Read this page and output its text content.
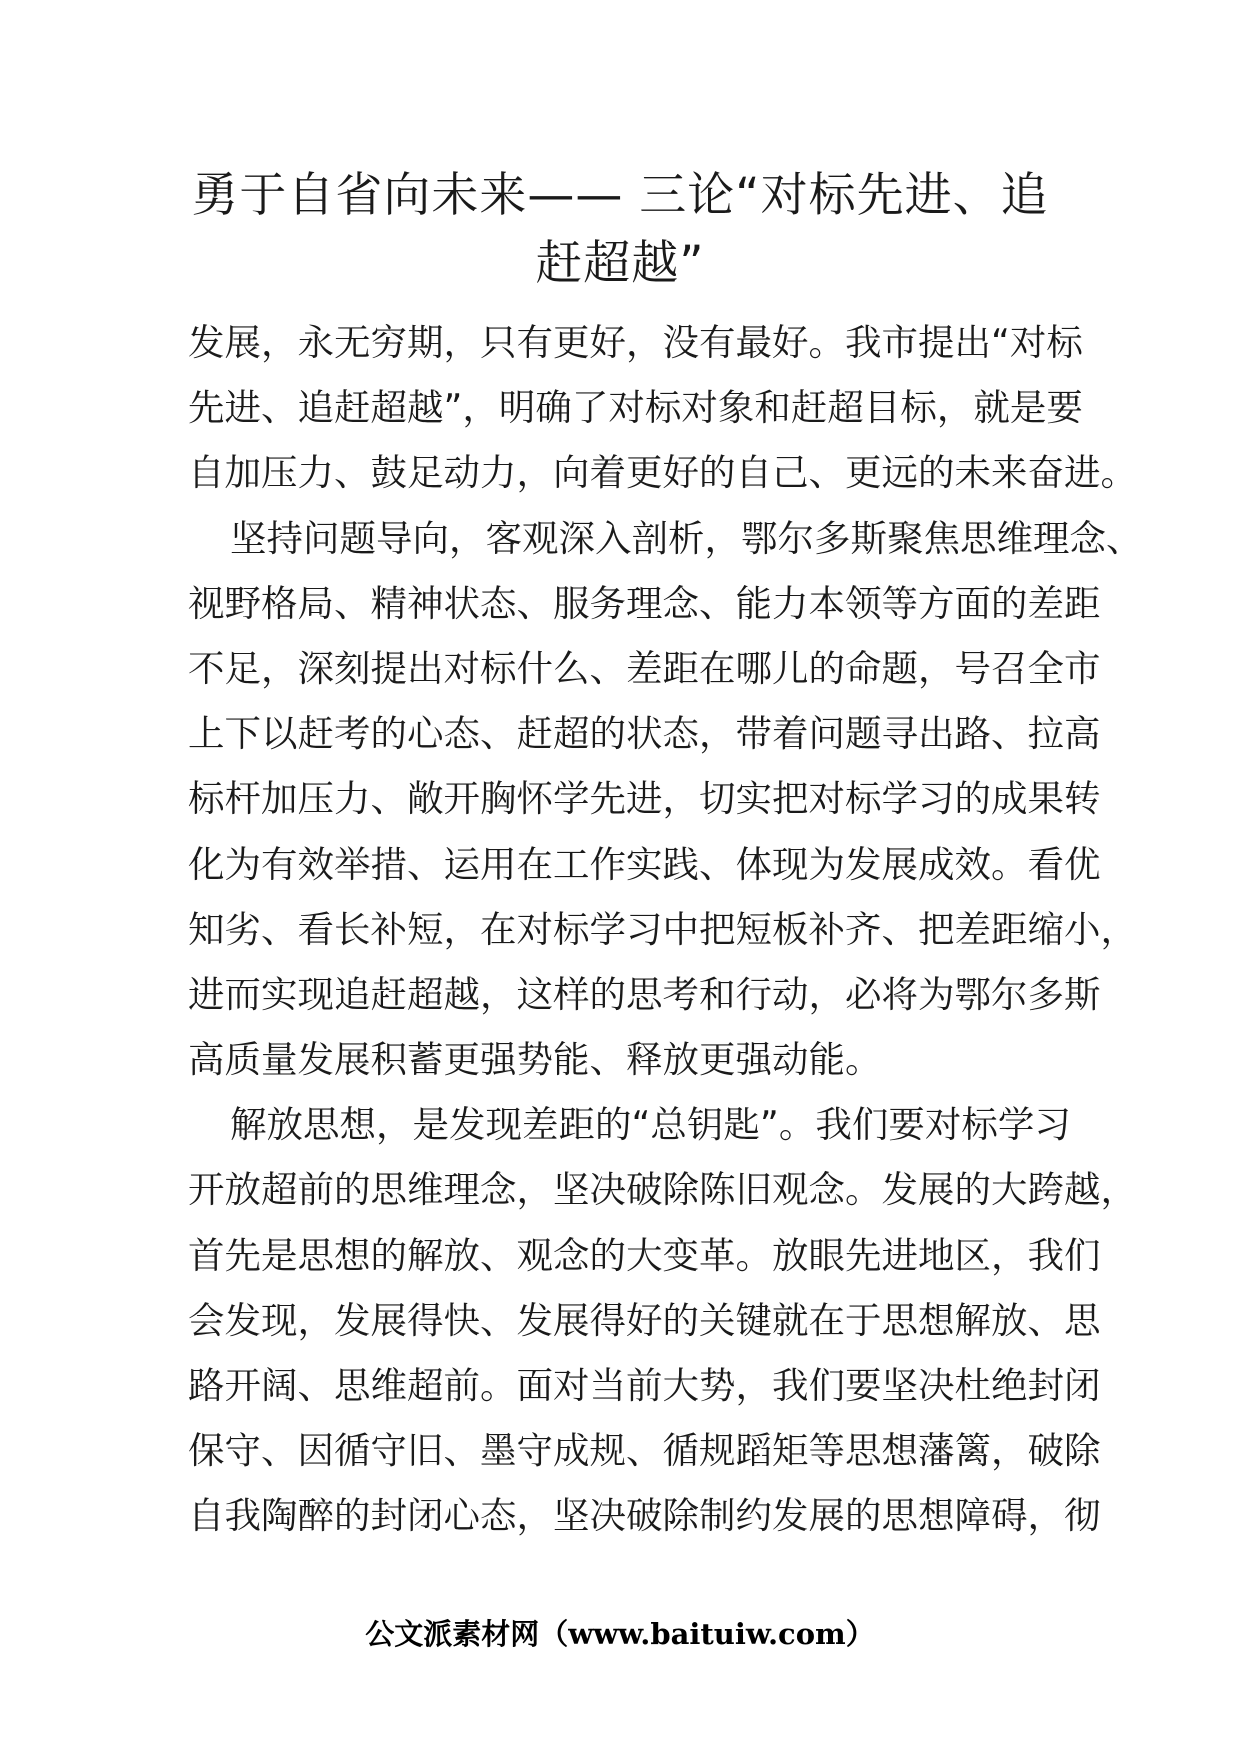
勇于自省向未来—— 三论“对标先进、追
赶超越”
发展，永无穷期，只有更好，没有最好。我市提出“对标
先进、追赶超越”，明确了对标对象和赶超目标，就是要
自加压力、鼓足动力，向着更好的自己、更远的未来奋进。
坚持问题导向，客观深入剖析，鄂尔多斯聚焦思维理念、
视野格局、精神状态、服务理念、能力本领等方面的差距
不足，深刻提出对标什么、差距在哪儿的命题，号召全市
上下以赶考的心态、赶超的状态，带着问题寻出路、拉高
标杆加压力、敞开胸怀学先进，切实把对标学习的成果转
化为有效举措、运用在工作实践、体现为发展成效。看优
知劣、看长补短，在对标学习中把短板补齐、把差距缩小，
进而实现追赶超越，这样的思考和行动，必将为鄂尔多斯
高质量发展积蓄更强势能、释放更强动能。
解放思想，是发现差距的“总钥匙”。我们要对标学习
开放超前的思维理念，坚决破除陈旧观念。发展的大跨越，
首先是思想的解放、观念的大变革。放眼先进地区，我们
会发现，发展得快、发展得好的关键就在于思想解放、思
路开阔、思维超前。面对当前大势，我们要坚决杜绝封闭
保守、因循守旧、墨守成规、循规蹈矩等思想藩篱，破除
自我陶醉的封闭心态，坚决破除制约发展的思想障碍，彻
公文派素材网（www.baituiw.com）
